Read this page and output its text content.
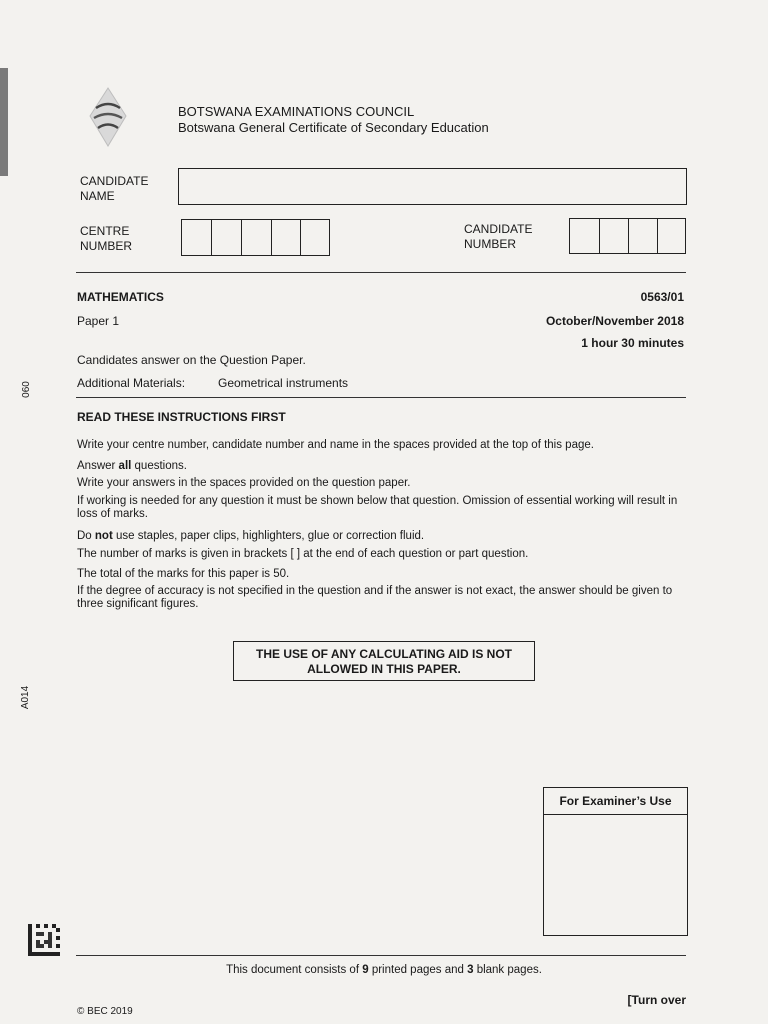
BOTSWANA EXAMINATIONS COUNCIL
Botswana General Certificate of Secondary Education
CANDIDATE
NAME
CENTRE
NUMBER
CANDIDATE
NUMBER
MATHEMATICS	0563/01
Paper 1	October/November 2018
1 hour 30 minutes
Candidates answer on the Question Paper.
Additional Materials:	Geometrical instruments
READ THESE INSTRUCTIONS FIRST
Write your centre number, candidate number and name in the spaces provided at the top of this page.
Answer all questions.
Write your answers in the spaces provided on the question paper.
If working is needed for any question it must be shown below that question. Omission of essential working will result in loss of marks.
Do not use staples, paper clips, highlighters, glue or correction fluid.
The number of marks is given in brackets [ ] at the end of each question or part question.
The total of the marks for this paper is 50.
If the degree of accuracy is not specified in the question and if the answer is not exact, the answer should be given to three significant figures.
THE USE OF ANY CALCULATING AID IS NOT
ALLOWED IN THIS PAPER.
For Examiner’s Use
This document consists of 9 printed pages and 3 blank pages.
© BEC 2019
[Turn over
060
A014
